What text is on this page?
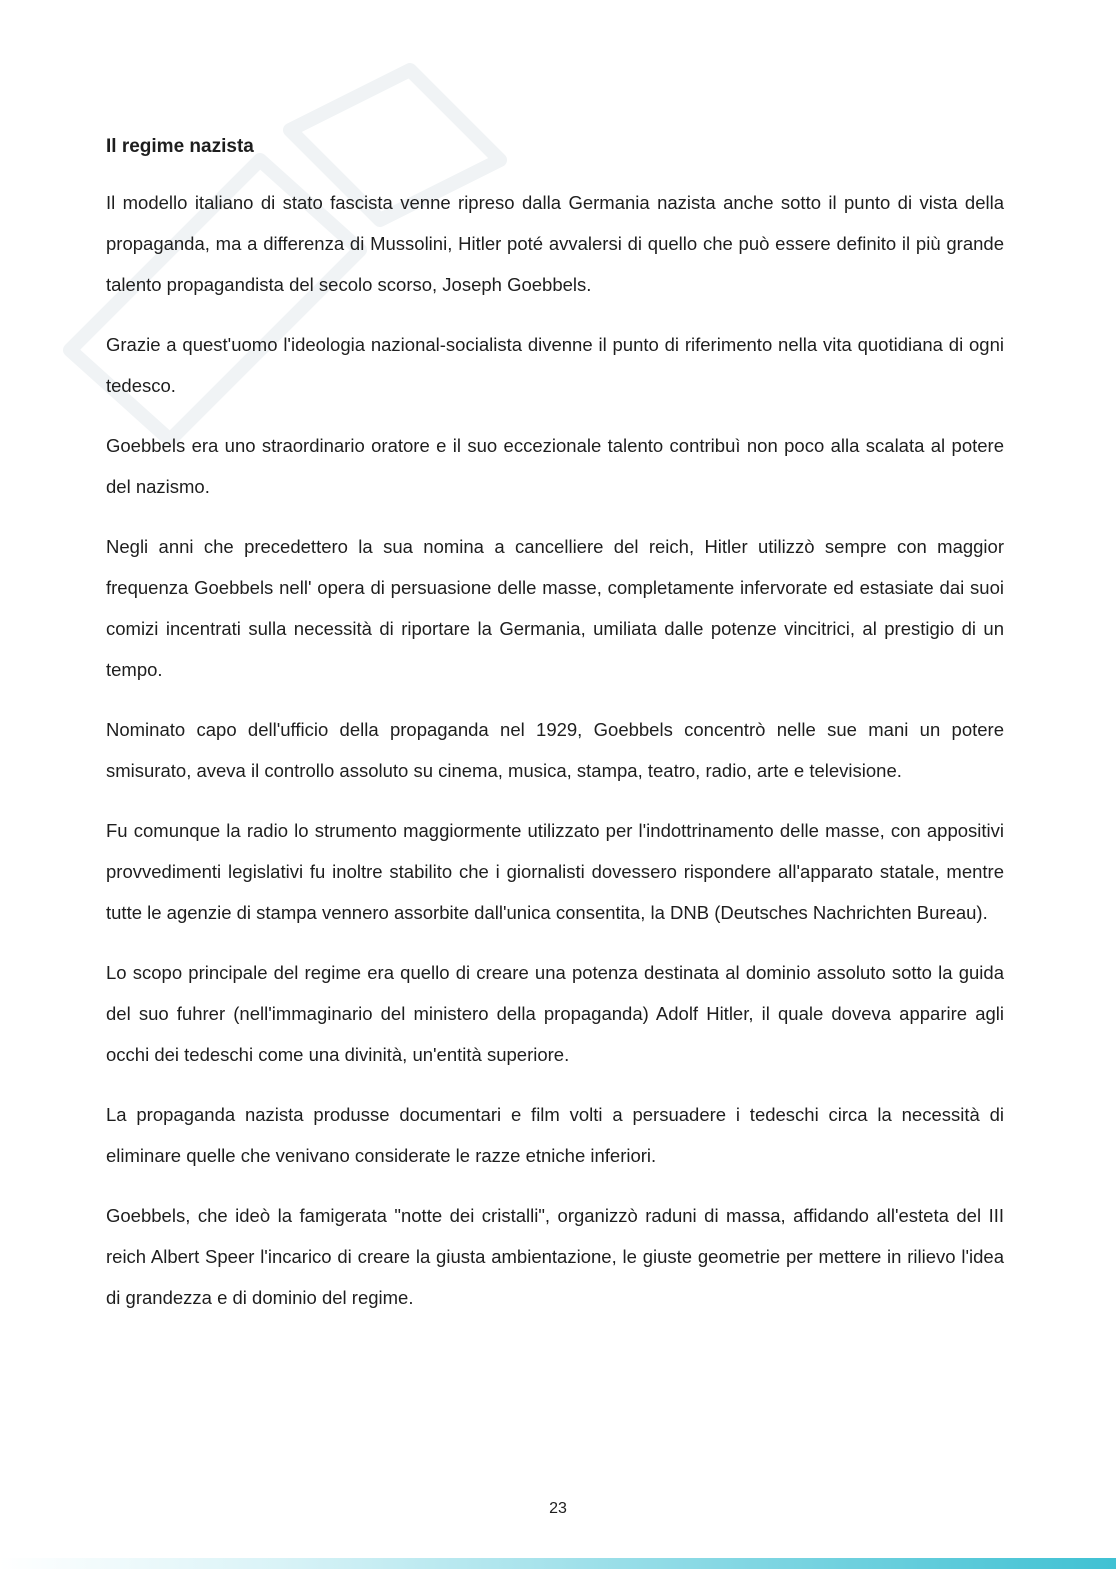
Il regime nazista

Il modello italiano di stato fascista venne ripreso dalla Germania nazista anche sotto il punto di vista della propaganda, ma a differenza di Mussolini, Hitler poté avvalersi di quello che può essere definito il più grande talento propagandista del secolo scorso, Joseph Goebbels.

Grazie a quest'uomo l'ideologia nazional-socialista divenne il punto di riferimento nella vita quotidiana di ogni tedesco.

Goebbels era uno straordinario oratore e il suo eccezionale talento contribuì non poco alla scalata al potere del nazismo.

Negli anni che precedettero la sua nomina a cancelliere del reich, Hitler utilizzò sempre con maggior frequenza Goebbels nell' opera di persuasione delle masse, completamente infervorate ed estasiate dai suoi comizi incentrati sulla necessità di riportare la Germania, umiliata dalle potenze vincitrici, al prestigio di un tempo.

Nominato capo dell'ufficio della propaganda nel 1929, Goebbels concentrò nelle sue mani un potere smisurato, aveva il controllo assoluto su cinema, musica, stampa, teatro, radio, arte e televisione.

Fu comunque la radio lo strumento maggiormente utilizzato per l'indottrinamento delle masse, con appositivi provvedimenti legislativi fu inoltre stabilito che i giornalisti dovessero rispondere all'apparato statale, mentre tutte le agenzie di stampa vennero assorbite dall'unica consentita, la DNB (Deutsches Nachrichten Bureau).

Lo scopo principale del regime era quello di creare una potenza destinata al dominio assoluto sotto la guida del suo fuhrer (nell'immaginario del ministero della propaganda) Adolf Hitler, il quale doveva apparire agli occhi dei tedeschi come una divinità, un'entità superiore.

La propaganda nazista produsse documentari e film volti a persuadere i tedeschi circa la necessità di eliminare quelle che venivano considerate le razze etniche inferiori.

Goebbels, che ideò la famigerata "notte dei cristalli", organizzò raduni di massa, affidando all'esteta del III reich Albert Speer l'incarico di creare la giusta ambientazione, le giuste geometrie per mettere in rilievo l'idea di grandezza e di dominio del regime.

23
